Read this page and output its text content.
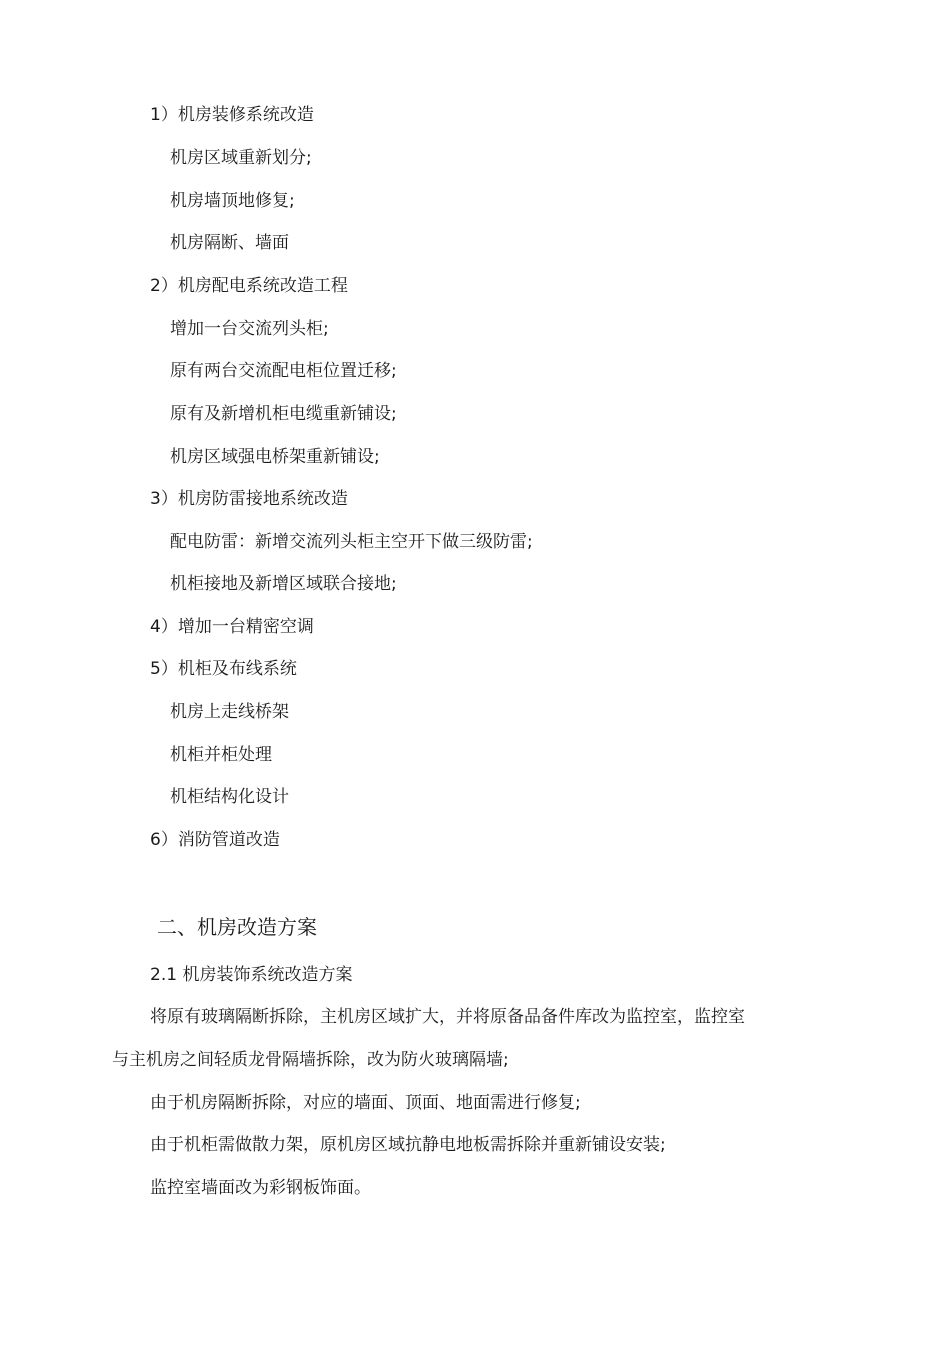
1）机房装修系统改造
机房区域重新划分;
机房墙顶地修复;
机房隔断、墙面
2）机房配电系统改造工程
增加一台交流列头柜;
原有两台交流配电柜位置迁移;
原有及新增机柜电缆重新铺设;
机房区域强电桥架重新铺设;
3）机房防雷接地系统改造
配电防雷：新增交流列头柜主空开下做三级防雷;
机柜接地及新增区域联合接地;
4）增加一台精密空调
5）机柜及布线系统
机房上走线桥架
机柜并柜处理
机柜结构化设计
6）消防管道改造
二、机房改造方案
2.1 机房装饰系统改造方案
将原有玻璃隔断拆除，主机房区域扩大，并将原备品备件库改为监控室，监控室
与主机房之间轻质龙骨隔墙拆除，改为防火玻璃隔墙;
由于机房隔断拆除，对应的墙面、顶面、地面需进行修复;
由于机柜需做散力架，原机房区域抗静电地板需拆除并重新铺设安装;
监控室墙面改为彩钢板饰面。
